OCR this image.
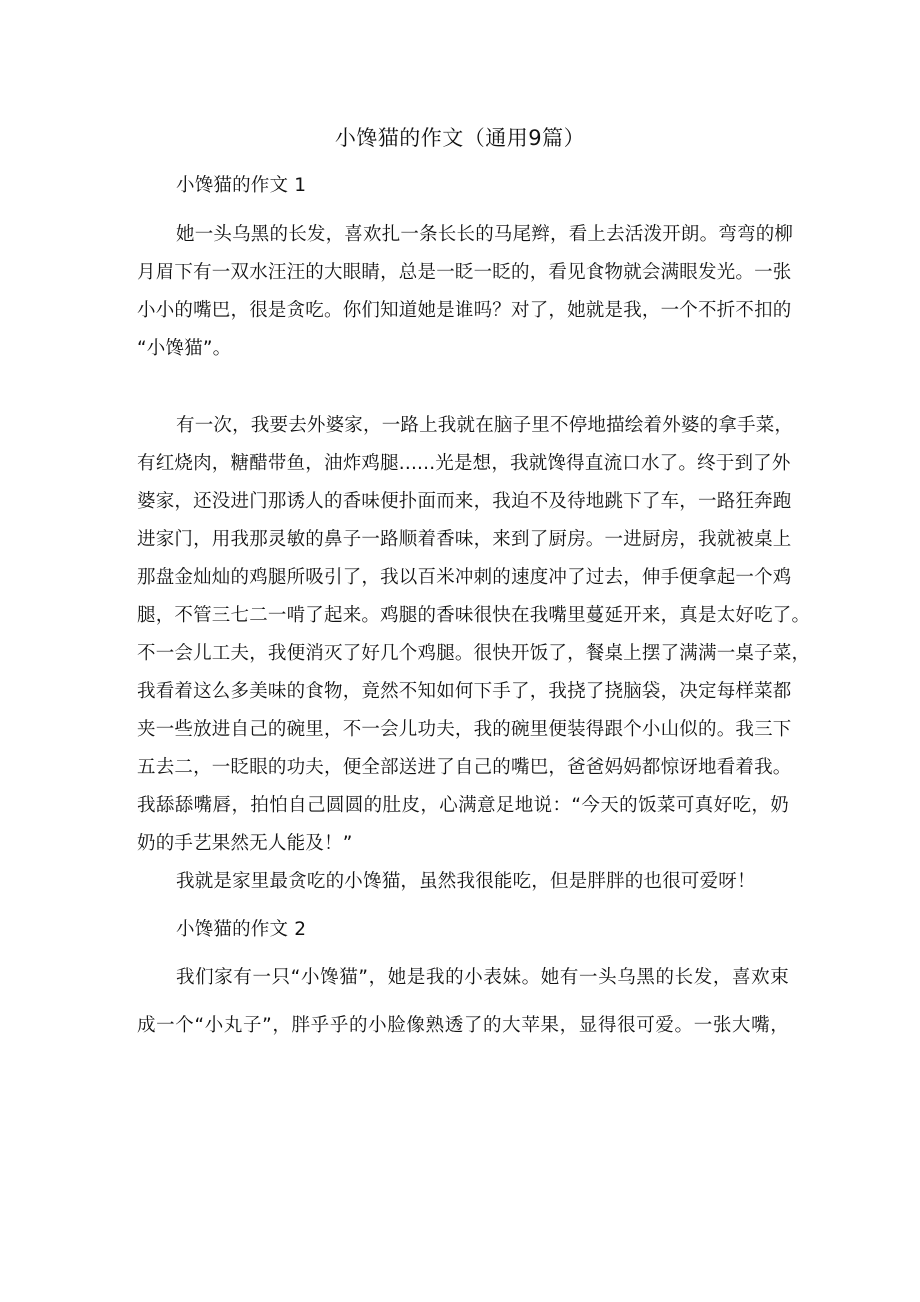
小馋猫的作文（通用9篇）
小馋猫的作文 1
她一头乌黑的长发，喜欢扎一条长长的马尾辫，看上去活泼开朗。弯弯的柳
月眉下有一双水汪汪的大眼睛，总是一眨一眨的，看见食物就会满眼发光。一张
小小的嘴巴，很是贪吃。你们知道她是谁吗？对了，她就是我，一个不折不扣的
“小馋猫”。
有一次，我要去外婆家，一路上我就在脑子里不停地描绘着外婆的拿手菜，
有红烧肉，糖醋带鱼，油炸鸡腿......光是想，我就馋得直流口水了。终于到了外
婆家，还没进门那诱人的香味便扑面而来，我迫不及待地跳下了车，一路狂奔跑
进家门，用我那灵敏的鼻子一路顺着香味，来到了厨房。一进厨房，我就被桌上
那盘金灿灿的鸡腿所吸引了，我以百米冲刺的速度冲了过去，伸手便拿起一个鸡
腿，不管三七二一啃了起来。鸡腿的香味很快在我嘴里蔓延开来，真是太好吃了。
不一会儿工夫，我便消灭了好几个鸡腿。很快开饭了，餐桌上摆了满满一桌子菜，
我看着这么多美味的食物，竟然不知如何下手了，我挠了挠脑袋，决定每样菜都
夹一些放进自己的碗里，不一会儿功夫，我的碗里便装得跟个小山似的。我三下
五去二，一眨眼的功夫，便全部送进了自己的嘴巴，爸爸妈妈都惊讶地看着我。
我舔舔嘴唇，拍怕自己圆圆的肚皮，心满意足地说：“今天的饭菜可真好吃，奶
奶的手艺果然无人能及！”
我就是家里最贪吃的小馋猫，虽然我很能吃，但是胖胖的也很可爱呀！
小馋猫的作文 2
我们家有一只“小馋猫”，她是我的小表妹。她有一头乌黑的长发，喜欢束
成一个“小丸子”，胖乎乎的小脸像熟透了的大苹果，显得很可爱。一张大嘴，
